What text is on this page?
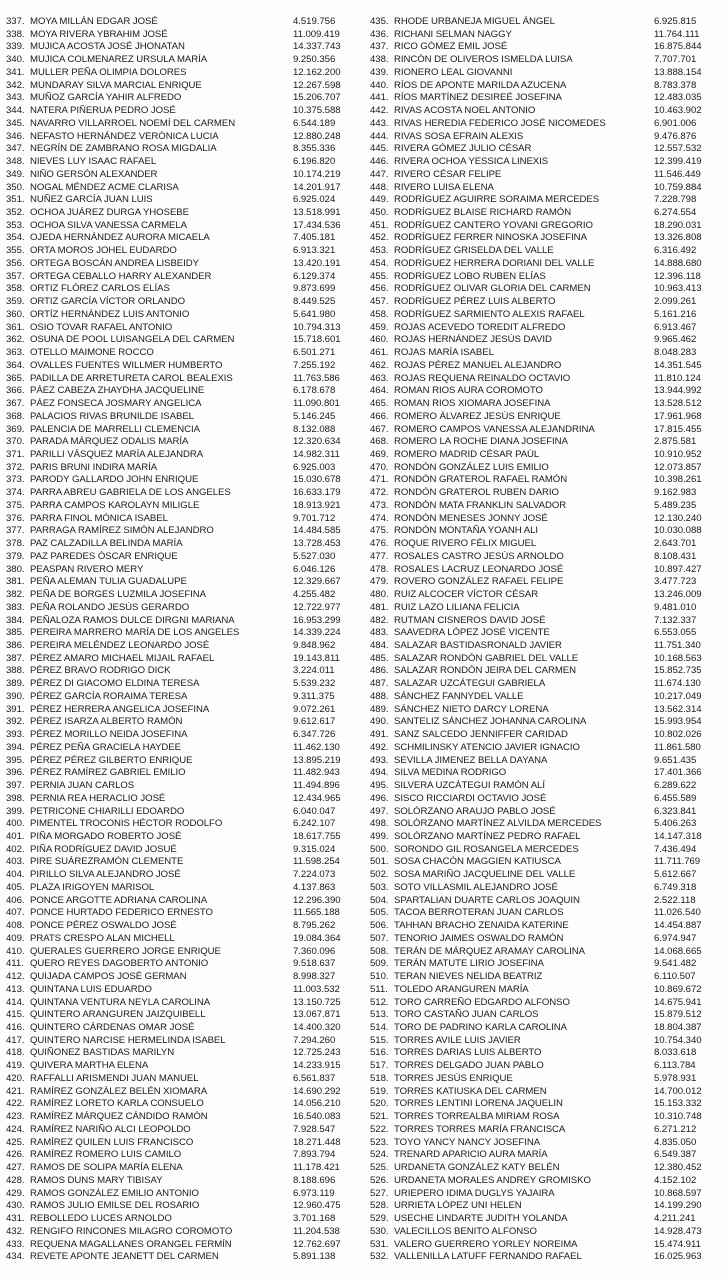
337. MOYA MILLÁN EDGAR JOSÉ	4.519.756
338. MOYA RIVERA YBRAHIM JOSÉ	11.009.419
339. MUJICA ACOSTA JOSÉ JHONATAN	14.337.743
340. MUJICA COLMENAREZ URSULA MARÍA	9.250.356
341. MULLER PEÑA OLIMPIA DOLORES	12.162.200
342. MUNDARAY SILVA MARCIAL ENRIQUE	12.267.598
343. MUÑOZ GARCÍA YAHIR ALFREDO	15.206.707
344. NATERA PIÑERUA PEDRO JOSÉ	10.375.588
345. NAVARRO VILLARROEL NOEMÍ DEL CARMEN	6.544.189
346. NEFASTO HERNÁNDEZ VERÓNICA LUCIA	12.880.248
347. NEGRÍN DE ZAMBRANO ROSA MIGDALIA	8.355.336
348. NIEVES LUY ISAAC RAFAEL	6.196.820
349. NIÑO GERSÓN ALEXANDER	10.174.219
350. NOGAL MÉNDEZ ACME CLARISA	14.201.917
351. NUÑEZ GARCÍA JUAN LUIS	6.925.024
352. OCHOA JUÁREZ DURGA YHOSEBE	13.518.991
353. OCHOA SILVA VANESSA CARMELA	17.434.536
354. OJEDA HERNÁNDEZ AURORA MICAELA	7.405.181
355. ORTA MOROS JOHEL EUDARDO	6.913.321
356. ORTEGA BOSCÁN ANDREA LISBEIDY	13.420.191
357. ORTEGA CEBALLO HARRY ALEXANDER	6.129.374
358. ORTIZ FLÓREZ CARLOS ELÍAS	9.873.699
359. ORTIZ GARCÍA VÍCTOR ORLANDO	8.449.525
360. ORTÍZ HERNÁNDEZ LUIS ANTONIO	5.641.980
361. OSIO TOVAR RAFAEL ANTONIO	10.794.313
362. OSUNA DE POOL LUISANGELA DEL CARMEN	15.718.601
363. OTELLO MAIMONE ROCCO	6.501.271
364. OVALLES FUENTES WILLMER HUMBERTO	7.255.192
365. PADILLA DE ARRETURETA CAROL BEALEXIS	11.763.586
366. PÁEZ CABEZA ZHAYDHA JACQUELINE	6.178.678
367. PÁEZ FONSECA JOSMARY ANGELICA	11.090.801
368. PALACIOS RIVAS BRUNILDE ISABEL	5.146.245
369. PALENCIA DE MARRELLI CLEMENCIA	8.132.088
370. PARADA MÁRQUEZ ODALIS MARÍA	12.320.634
371. PARILLI VÁSQUEZ MARÍA ALEJANDRA	14.982.311
372. PARIS BRUNI INDIRA MARÍA	6.925.003
373. PARODY GALLARDO JOHN ENRIQUE	15.030.678
374. PARRA ABREU GABRIELA DE LOS ANGELES	16.633.179
375. PARRA CAMPOS KAROLAYN MILIGLE	18.913.921
376. PARRA FINOL MÓNICA ISABEL	9.701.712
377. PARRAGA RAMÍREZ SIMÓN ALEJANDRO	14.484.585
378. PAZ CALZADILLA BELINDA MARÍA	13.728.453
379. PAZ PAREDES ÓSCAR ENRIQUE	5.527.030
380. PEASPAN RIVERO MERY	6.046.126
381. PEÑA ALEMAN TULIA GUADALUPE	12.329.667
382. PEÑA DE BORGES LUZMILA JOSEFINA	4.255.482
383. PEÑA ROLANDO JESÚS GERARDO	12.722.977
384. PEÑALOZA RAMOS DULCE DIRGNI MARIANA	16.953.299
385. PEREIRA MARRERO MARÍA DE LOS ANGELES	14.339.224
386. PEREIRA MELÉNDEZ LEONARDO JOSÉ	9.848.962
387. PÉREZ AMARO MICHAEL MIJAIL RAFAEL	19.143.811
388. PÉREZ BRAVO RODRIGO DICK	3.224.011
389. PÉREZ DI GIACOMO ELDINA TERESA	5.539.232
390. PÉREZ GARCÍA RORAIMA TERESA	9.311.375
391. PÉREZ HERRERA ANGELICA JOSEFINA	9.072.261
392. PÉREZ ISARZA ALBERTO RAMÓN	9.612.617
393. PÉREZ MORILLO NEIDA JOSEFINA	6.347.726
394. PÉREZ PEÑA GRACIELA HAYDEE	11.462.130
395. PÉREZ PÉREZ GILBERTO ENRIQUE	13.895.219
396. PÉREZ RAMÍREZ GABRIEL EMILIO	11.482.943
397. PERNIA JUAN CARLOS	11.494.896
398. PERNIA REA HERACLIO JOSÉ	12.434.965
399. PETRICONE CHIARILLI EDOARDO	6.040.047
400. PIMENTEL TROCONIS HÉCTOR RODOLFO	6.242.107
401. PIÑA MORGADO ROBERTO JOSÉ	18.617.755
402. PIÑA RODRÍGUEZ DAVID JOSUÉ	9.315.024
403. PIRE SUÁREZRAMÓN CLEMENTE	11.598.254
404. PIRILLO SILVA ALEJANDRO JOSÉ	7.224.073
405. PLAZA IRIGOYEN MARISOL	4.137.863
406. PONCE ARGOTTE ADRIANA CAROLINA	12.296.390
407. PONCE HURTADO FEDERICO ERNESTO	11.565.188
408. PONCE PÉREZ OSWALDO JOSÉ	8.795.262
409. PRATS CRESPO ALAN MICHELL	19.084.364
410. QUERALES GUERRERO JORGE ENRIQUE	7.360.096
411. QUERO REYES DAGOBERTO ANTONIO	9.518.637
412. QUIJADA CAMPOS JOSÉ GERMAN	8.998.327
413. QUINTANA LUIS EDUARDO	11.003.532
414. QUINTANA VENTURA NEYLA CAROLINA	13.150.725
415. QUINTERO ARANGUREN JAIZQUIBELL	13.067.871
416. QUINTERO CÁRDENAS OMAR JOSÉ	14.400.320
417. QUINTERO NARCISE HERMELINDA ISABEL	7.294.260
418. QUIÑONEZ BASTIDAS MARILYN	12.725.243
419. QUIVERA MARTHA ELENA	14.233.915
420. RAFFALLI ARISMENDI JUAN MANUEL	6.561.837
421. RAMÍREZ GONZÁLEZ BELÉN XIOMARA	14.690.292
422. RAMÍREZ LORETO KARLA CONSUELO	14.056.210
423. RAMÍREZ MÁRQUEZ CÁNDIDO RAMÓN	16.540.083
424. RAMÍREZ NARIÑO ALCI LEOPOLDO	7.928.547
425. RAMÍREZ QUILEN LUIS FRANCISCO	18.271.448
426. RAMÍREZ ROMERO LUIS CAMILO	7.893.794
427. RAMOS DE SOLIPA MARÍA ELENA	11.178.421
428. RAMOS DUNS MARY TIBISAY	8.188.696
429. RAMOS GONZÁLEZ EMILIO ANTONIO	6.973.119
430. RAMOS JULIO EMILSE DEL ROSARIO	12.960.475
431. REBOLLEDO LUCES ARNOLDO	3.701.168
432. RENGIFO RINCONES MILAGRO COROMOTO	11.204.538
433. REQUENA MAGALLANES ORANGEL FERMÍN	12.762.697
434. REVETE APONTE JEANETT DEL CARMEN	5.891.138
435. RHODE URBANEJA MIGUEL ÁNGEL	6.925.815
436. RICHANI SELMAN NAGGY	11.764.111
437. RICO GÓMEZ EMIL JOSÉ	16.875.844
438. RINCÓN DE OLIVEROS ISMELDA LUISA	7.707.701
439. RIONERO LEAL GIOVANNI	13.888.154
440. RÍOS DE APONTE MARILDA AZUCENA	8.783.378
441. RÍOS MARTÍNEZ DESIREÉ JOSEFINA	12.483.035
442. RIVAS ACOSTA NOEL ANTONIO	10.463.902
443. RIVAS HEREDIA FEDERICO JOSÉ NICOMEDES	6.901.006
444. RIVAS SOSA EFRAIN ALEXIS	9.476.876
445. RIVERA GÓMEZ JULIO CÉSAR	12.557.532
446. RIVERA OCHOA YESSICA LINEXIS	12.399.419
447. RIVERO CÉSAR FELIPE	11.546.449
448. RIVERO LUISA ELENA	10.759.884
449. RODRÍGUEZ AGUIRRE SORAIMA MERCEDES	7.228.798
450. RODRÍGUEZ BLAISE RICHARD RAMÓN	6.274.554
451. RODRÍGUEZ CANTERO YOVANI GREGORIO	18.290.031
452. RODRÍGUEZ FERRER NINOSKA JOSEFINA	13.326.808
453. RODRÍGUEZ GRISELDA DEL VALLE	6.316.492
454. RODRÍGUEZ HERRERA DORIANI DEL VALLE	14.888.680
455. RODRÍGUEZ LOBO RUBEN ELÍAS	12.396.118
456. RODRÍGUEZ OLIVAR GLORIA DEL CARMEN	10.963.413
457. RODRÍGUEZ PÉREZ LUIS ALBERTO	2.099.261
458. RODRÍGUEZ SARMIENTO ALEXIS RAFAEL	5.161.216
459. ROJAS ACEVEDO TOREDIT ALFREDO	6.913.467
460. ROJAS HERNÁNDEZ JESÚS DAVID	9.965.462
461. ROJAS MARÍA ISABEL	8.048.283
462. ROJAS PÉREZ MANUEL ALEJANDRO	14.351.545
463. ROJAS REQUENA REINALDO OCTAVIO	11.810.124
464. ROMAN RIOS AURA COROMOTO	13.944.992
465. ROMAN RIOS XIOMARA JOSEFINA	13.528.512
466. ROMERO ÁLVAREZ JESÚS ENRIQUE	17.961.968
467. ROMERO CAMPOS VANESSA ALEJANDRINA	17.815.455
468. ROMERO LA ROCHE DIANA JOSEFINA	2.875.581
469. ROMERO MADRID CÉSAR PAÚL	10.910.952
470. RONDÓN GONZÁLEZ LUIS EMILIO	12.073.857
471. RONDÓN GRATEROL RAFAEL RAMÓN	10.398.261
472. RONDÓN GRATEROL RUBEN DARIO	9.162.983
473. RONDÓN MATA FRANKLIN SALVADOR	5.489.235
474. RONDÓN MENESES JONNY JOSÉ	12.130.240
475. RONDÓN MONTAÑA YOANH ALI	10.030.088
476. ROQUE RIVERO FÉLIX MIGUEL	2.643.701
477. ROSALES CASTRO JESÚS ARNOLDO	8.108.431
478. ROSALES LACRUZ LEONARDO JOSÉ	10.897.427
479. ROVERO GONZÁLEZ RAFAEL FELIPE	3.477.723
480. RUIZ ALCOCER VÍCTOR CÉSAR	13.246.009
481. RUIZ LAZO LILIANA FELICIA	9.481.010
482. RUTMAN CISNEROS DAVID JOSÉ	7.132.337
483. SAAVEDRA LÓPEZ JOSÉ VICENTE	6.553.055
484. SALAZAR BASTIDASRONALD JAVIER	11.751.340
485. SALAZAR RONDÓN GABRIEL DEL VALLE	10.168.563
486. SALAZAR RONDÓN JEIRA DEL CARMEN	15.852.735
487. SALAZAR UZCÁTEGUI GABRIELA	11.674.130
488. SÁNCHEZ FANNYDEL VALLE	10.217.049
489. SÁNCHEZ NIETO DARCY LORENA	13.562.314
490. SANTELIZ SÁNCHEZ JOHANNA CAROLINA	15.993.954
491. SANZ SALCEDO JENNIFFER CARIDAD	10.802.026
492. SCHMILINSKY ATENCIO JAVIER IGNACIO	11.861.580
493. SEVILLA JIMENEZ BELLA DAYANA	9.651.435
494. SILVA MEDINA RODRIGO	17.401.366
495. SILVERA UZCÁTEGUI RAMÓN ALÍ	6.289.622
496. SISCO RICCIARDI OCTAVIO JOSÉ	6.455.589
497. SOLÓRZANO ARAUJO PABLO JOSÉ	6.323.841
498. SOLÓRZANO MARTÍNEZ ALVILDA MERCEDES	5.406.263
499. SOLÓRZANO MARTÍNEZ PEDRO RAFAEL	14.147.318
500. SORONDO GIL ROSANGELA MERCEDES	7.436.494
501. SOSA CHACÓN MAGGIEN KATIUSCA	11.711.769
502. SOSA MARIÑO JACQUELINE DEL VALLE	5.612.667
503. SOTO VILLASMIL ALEJANDRO JOSÉ	6.749.318
504. SPARTALIAN DUARTE CARLOS JOAQUIN	2.522.118
505. TACOA BERROTERAN JUAN CARLOS	11.026.540
506. TAHHAN BRACHO ZENAIDA KATERINE	14.454.887
507. TENORIO JAIMES OSWALDO RAMÓN	6.974.947
508. TERÁN DE MÁRQUEZ ARAMAY CAROLINA	14.068.665
509. TERÁN MATUTE LIRIO JOSEFINA	9.541.482
510. TERAN NIEVES NELIDA BEATRIZ	6.110.507
511. TOLEDO ARANGUREN MARÍA	10.869.672
512. TORO CARREÑO EDGARDO ALFONSO	14.675.941
513. TORO CASTAÑO JUAN CARLOS	15.879.512
514. TORO DE PADRINO KARLA CAROLINA	18.804.387
515. TORRES AVILE LUIS JAVIER	10.754.340
516. TORRES DARIAS LUIS ALBERTO	8.033.618
517. TORRES DELGADO JUAN PABLO	6.113.784
518. TORRES JESÚS ENRIQUE	5.978.931
519. TORRES KATIUSKA DEL CARMEN	14.700.012
520. TORRES LENTINI LORENA JAQUELIN	15.153.332
521. TORRES TORREALBA MIRIAM ROSA	10.310.748
522. TORRES TORRES MARÍA FRANCISCA	6.271.212
523. TOYO YANCY NANCY JOSEFINA	4.835.050
524. TRENARD APARICIO AURA MARÍA	6.549.387
525. URDANETA GONZÁLEZ KATY BELÉN	12.380.452
526. URDANETA MORALES ANDREY GROMISKO	4.152.102
527. URIEPERO IDIMA DUGLYS YAJAIRA	10.868.597
528. URRIETA LÓPEZ UNI HELEN	14.199.290
529. USECHE LINDARTE JUDITH YOLANDA	4.211.241
530. VALECILLOS BENITO ALFONSO	14.928.473
531. VALERO GUERRERO YORLEY NOREIMA	15.474.911
532. VALLENILLA LATUFF FERNANDO RAFAEL	16.025.963
